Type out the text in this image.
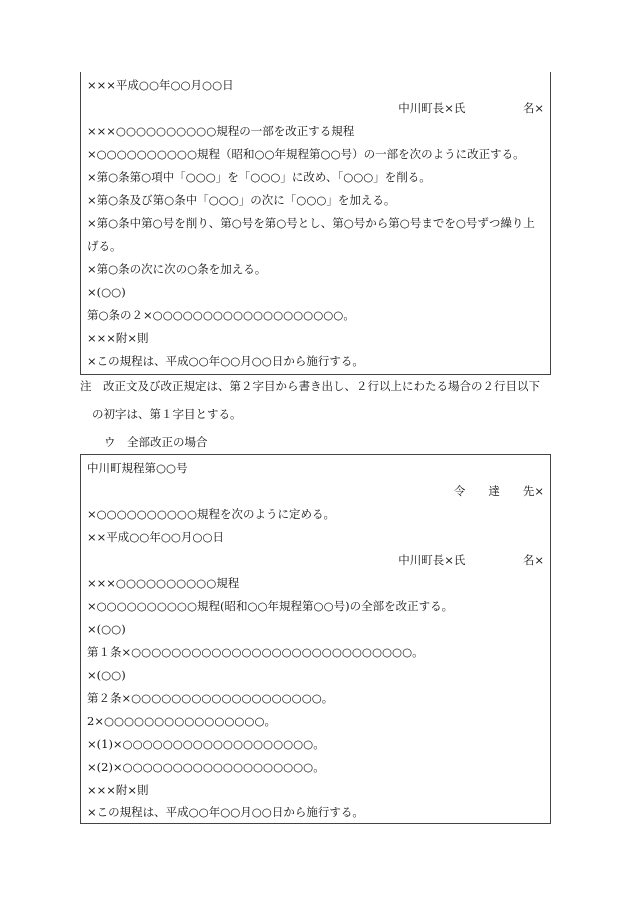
×××平成○○年○○月○○日
中川町長×氏　　　　　名×
×××○○○○○○○○○○規程の一部を改正する規程
×○○○○○○○○○○規程（昭和○○年規程第○○号）の一部を次のように改正する。
×第○条第○項中「○○○」を「○○○」に改め、「○○○」を削る。
×第○条及び第○条中「○○○」の次に「○○○」を加える。
×第○条中第○号を削り、第○号を第○号とし、第○号から第○号までを○号ずつ繰り上
げる。
×第○条の次に次の○条を加える。
×(○○)
第○条の２×○○○○○○○○○○○○○○○○○○○。
×××附×則
×この規程は、平成○○年○○月○○日から施行する。
注　改正文及び改正規定は、第２字目から書き出し、２行以上にわたる場合の２行目以下
の初字は、第１字目とする。
ウ　全部改正の場合
中川町規程第○○号
令　　達　　先×
×○○○○○○○○○○規程を次のように定める。
××平成○○年○○月○○日
中川町長×氏　　　　　名×
×××○○○○○○○○○○規程
×○○○○○○○○○○規程(昭和○○年規程第○○号)の全部を改正する。
×(○○)
第１条×○○○○○○○○○○○○○○○○○○○○○○○○○○○○。
×(○○)
第２条×○○○○○○○○○○○○○○○○○○○。
2×○○○○○○○○○○○○○○○○。
×(1)×○○○○○○○○○○○○○○○○○○○。
×(2)×○○○○○○○○○○○○○○○○○○○。
×××附×則
×この規程は、平成○○年○○月○○日から施行する。
